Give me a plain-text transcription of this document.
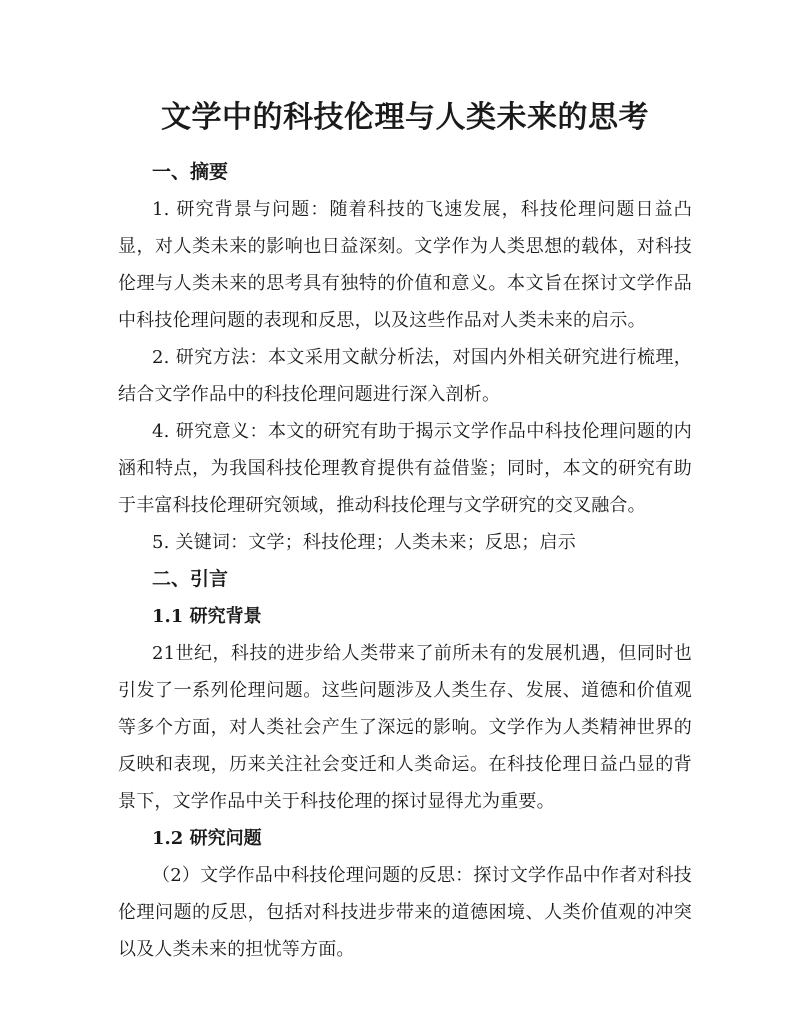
文学中的科技伦理与人类未来的思考
一、摘要

1. 研究背景与问题：随着科技的飞速发展，科技伦理问题日益凸显，对人类未来的影响也日益深刻。文学作为人类思想的载体，对科技伦理与人类未来的思考具有独特的价值和意义。本文旨在探讨文学作品中科技伦理问题的表现和反思，以及这些作品对人类未来的启示。

2. 研究方法：本文采用文献分析法，对国内外相关研究进行梳理，结合文学作品中的科技伦理问题进行深入剖析。

4. 研究意义：本文的研究有助于揭示文学作品中科技伦理问题的内涵和特点，为我国科技伦理教育提供有益借鉴；同时，本文的研究有助于丰富科技伦理研究领域，推动科技伦理与文学研究的交叉融合。

5. 关键词：文学；科技伦理；人类未来；反思；启示

二、引言
1.1 研究背景

21世纪，科技的进步给人类带来了前所未有的发展机遇，但同时也引发了一系列伦理问题。这些问题涉及人类生存、发展、道德和价值观等多个方面，对人类社会产生了深远的影响。文学作为人类精神世界的反映和表现，历来关注社会变迁和人类命运。在科技伦理日益凸显的背景下，文学作品中关于科技伦理的探讨显得尤为重要。

1.2 研究问题

（2）文学作品中科技伦理问题的反思：探讨文学作品中作者对科技伦理问题的反思，包括对科技进步带来的道德困境、人类价值观的冲突以及人类未来的担忧等方面。
